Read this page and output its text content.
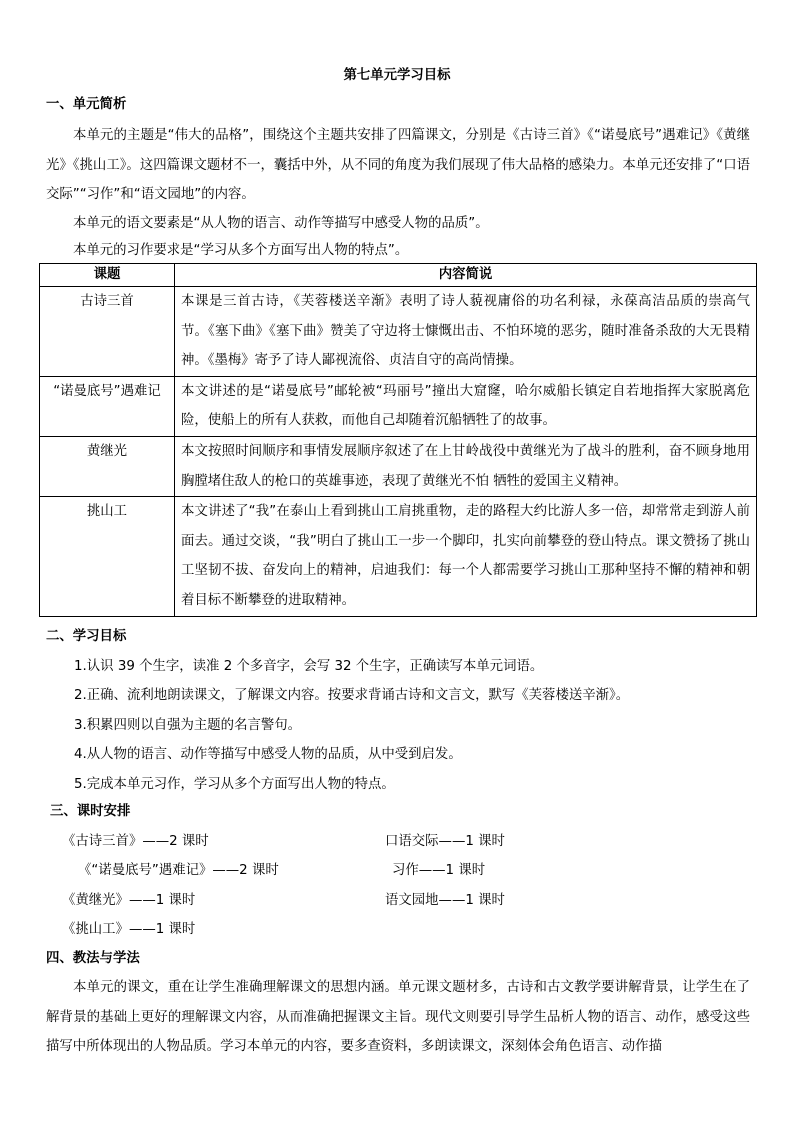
第七单元学习目标
一、单元简析
本单元的主题是“伟大的品格”，围绕这个主题共安排了四篇课文，分别是《古诗三首》《“诺曼底号”遇难记》《黄继光》《挑山工》。这四篇课文题材不一，囊括中外，从不同的角度为我们展现了伟大品格的感染力。本单元还安排了“口语交际”“习作”和“语文园地”的内容。
本单元的语文要素是“从人物的语言、动作等描写中感受人物的品质”。
本单元的习作要求是“学习从多个方面写出人物的特点”。
课题	内容简说
古诗三首	本课是三首古诗，《芙蓉楼送辛渐》表明了诗人藐视庸俗的功名利禄，永葆高洁品质的崇高气节。《塞下曲》《塞下曲》赞美了守边将士慷慨出击、不怕环境的恶劣，随时准备杀敌的大无畏精神。《墨梅》寄予了诗人鄙视流俗、贞洁自守的高尚情操。
“诺曼底号”遇难记	本文讲述的是“诺曼底号”邮轮被“玛丽号”撞出大窟窿，哈尔威船长镇定自若地指挥大家脱离危险，使船上的所有人获救，而他自己却随着沉船牺牲了的故事。
黄继光	本文按照时间顺序和事情发展顺序叙述了在上甘岭战役中黄继光为了战斗的胜利，奋不顾身地用胸膛堵住敌人的枪口的英雄事迹，表现了黄继光不怕 牺牲的爱国主义精神。
挑山工	本文讲述了“我”在泰山上看到挑山工肩挑重物，走的路程大约比游人多一倍，却常常走到游人前面去。通过交谈，“我”明白了挑山工一步一个脚印，扎实向前攀登的登山特点。课文赞扬了挑山工坚韧不拔、奋发向上的精神，启迪我们：每一个人都需要学习挑山工那种坚持不懈的精神和朝着目标不断攀登的进取精神。
二、学习目标
1.认识 39 个生字，读准 2 个多音字，会写 32 个生字，正确读写本单元词语。
2.正确、流利地朗读课文，了解课文内容。按要求背诵古诗和文言文，默写《芙蓉楼送辛渐》。
3.积累四则以自强为主题的名言警句。
4.从人物的语言、动作等描写中感受人物的品质，从中受到启发。
5.完成本单元习作，学习从多个方面写出人物的特点。
三、课时安排
《古诗三首》——2 课时
《“诺曼底号”遇难记》——2 课时
《黄继光》——1 课时
《挑山工》——1 课时
口语交际——1 课时
习作——1 课时
语文园地——1 课时
四、教法与学法
本单元的课文，重在让学生准确理解课文的思想内涵。单元课文题材多，古诗和古文教学要讲解背景，让学生在了解背景的基础上更好的理解课文内容，从而准确把握课文主旨。现代文则要引导学生品析人物的语言、动作，感受这些描写中所体现出的人物品质。学习本单元的内容，要多查资料，多朗读课文，深刻体会角色语言、动作描
